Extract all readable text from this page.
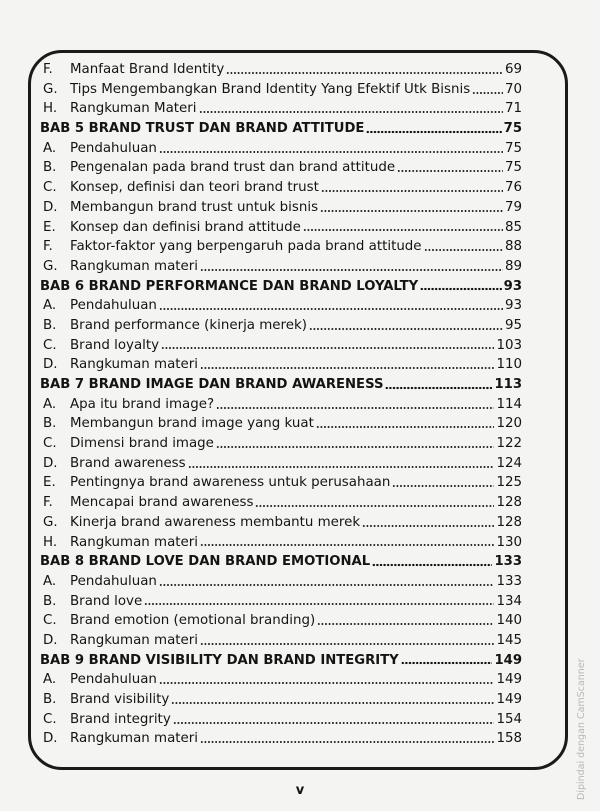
F.	Manfaat Brand Identity	69
G. Tips Mengembangkan Brand Identity Yang Efektif Utk Bisnis	70
H. Rangkuman Materi	71
BAB 5 BRAND TRUST DAN BRAND ATTITUDE	75
A.	Pendahuluan	75
B.	Pengenalan pada brand trust dan brand attitude	75
C. Konsep, definisi dan teori brand trust	76
D. Membangun brand trust untuk bisnis	79
E.	Konsep dan definisi brand attitude	85
F.	Faktor-faktor yang berpengaruh pada brand attitude	88
G. Rangkuman materi	89
BAB 6 BRAND PERFORMANCE DAN BRAND LOYALTY	93
A.	Pendahuluan	93
B.	Brand performance (kinerja merek)	95
C. Brand loyalty	103
D. Rangkuman materi	110
BAB 7 BRAND IMAGE DAN BRAND AWARENESS	113
A.	Apa itu brand image?	114
B.	Membangun brand image yang kuat	120
C. Dimensi brand image	122
D. Brand awareness	124
E.	Pentingnya brand awareness untuk perusahaan	125
F.	Mencapai brand awareness	128
G. Kinerja brand awareness membantu merek	128
H. Rangkuman materi	130
BAB 8 BRAND LOVE DAN BRAND EMOTIONAL	133
A.	Pendahuluan	133
B.	Brand love	134
C. Brand emotion (emotional branding)	140
D. Rangkuman materi	145
BAB 9 BRAND VISIBILITY DAN BRAND INTEGRITY	149
A.	Pendahuluan	149
B.	Brand visibility	149
C. Brand integrity	154
D. Rangkuman materi	158
v	Dipindai dengan CamScanner
